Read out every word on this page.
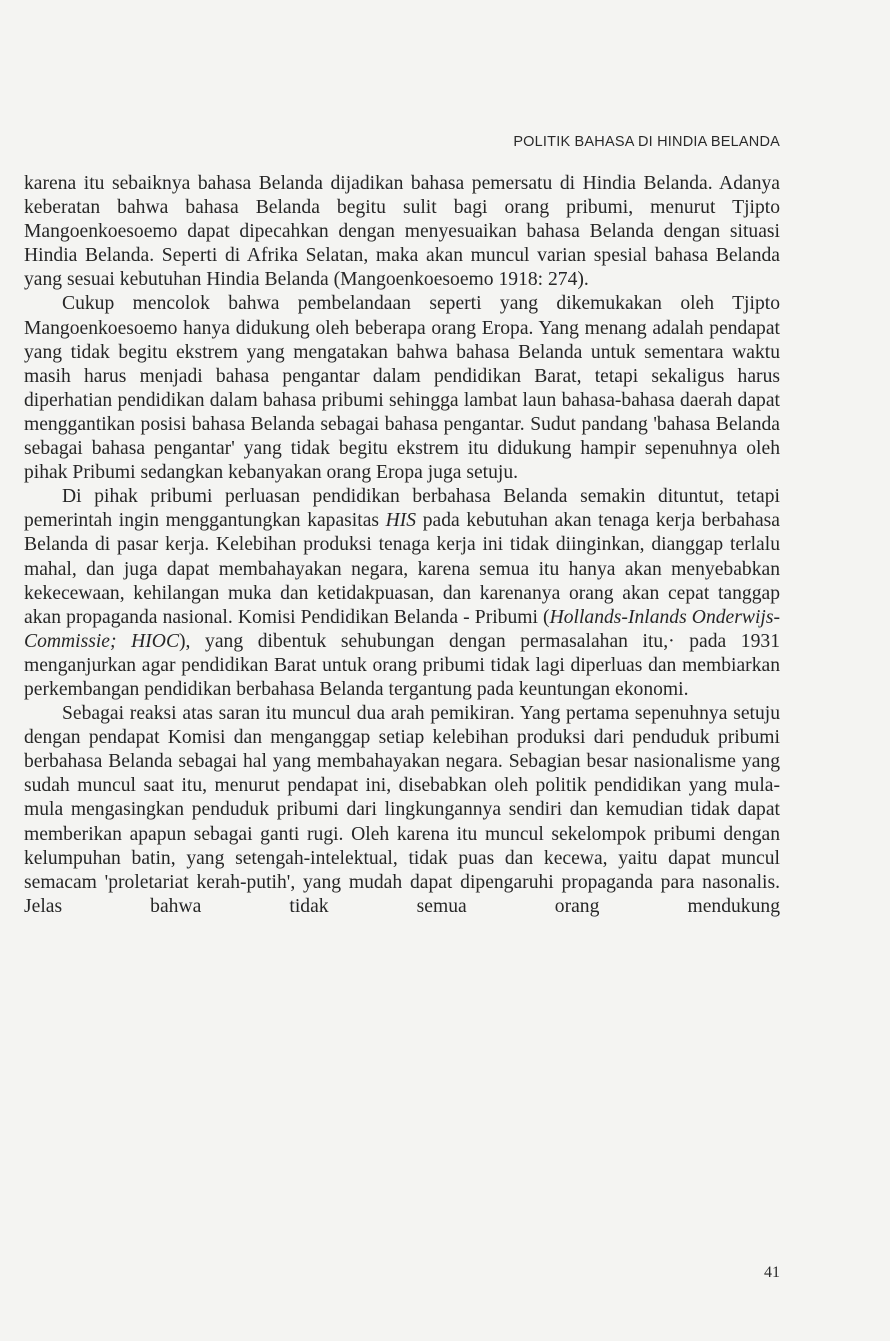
POLITIK BAHASA DI HINDIA BELANDA

karena itu sebaiknya bahasa Belanda dijadikan bahasa pemersatu di Hindia Belanda. Adanya keberatan bahwa bahasa Belanda begitu sulit bagi orang pribumi, menurut Tjipto Mangoenkoesoemo dapat dipecahkan dengan menyesuaikan bahasa Belanda dengan situasi Hindia Belanda. Seperti di Afrika Selatan, maka akan muncul varian spesial bahasa Belanda yang sesuai kebutuhan Hindia Belanda (Mangoenkoesoemo 1918: 274).

Cukup mencolok bahwa pembelandaan seperti yang dikemukakan oleh Tjipto Mangoenkoesoemo hanya didukung oleh beberapa orang Eropa. Yang menang adalah pendapat yang tidak begitu ekstrem yang mengatakan bahwa bahasa Belanda untuk sementara waktu masih harus menjadi bahasa pengantar dalam pendidikan Barat, tetapi sekaligus harus diperhatian pendidikan dalam bahasa pribumi sehingga lambat laun bahasa-bahasa daerah dapat menggantikan posisi bahasa Belanda sebagai bahasa pengantar. Sudut pandang 'bahasa Belanda sebagai bahasa pengantar' yang tidak begitu ekstrem itu didukung hampir sepenuhnya oleh pihak Pribumi sedangkan kebanyakan orang Eropa juga setuju.

Di pihak pribumi perluasan pendidikan berbahasa Belanda semakin dituntut, tetapi pemerintah ingin menggantungkan kapasitas HIS pada kebutuhan akan tenaga kerja berbahasa Belanda di pasar kerja. Kelebihan produksi tenaga kerja ini tidak diinginkan, dianggap terlalu mahal, dan juga dapat membahayakan negara, karena semua itu hanya akan menyebabkan kekecewaan, kehilangan muka dan ketidakpuasan, dan karenanya orang akan cepat tanggap akan propaganda nasional. Komisi Pendidikan Belanda - Pribumi (Hollands-Inlands Onderwijs-Commissie; HIOC), yang dibentuk sehubungan dengan permasalahan itu,· pada 1931 menganjurkan agar pendidikan Barat untuk orang pribumi tidak lagi diperluas dan membiarkan perkembangan pendidikan berbahasa Belanda tergantung pada keuntungan ekonomi.

Sebagai reaksi atas saran itu muncul dua arah pemikiran. Yang pertama sepenuhnya setuju dengan pendapat Komisi dan menganggap setiap kelebihan produksi dari penduduk pribumi berbahasa Belanda sebagai hal yang membahayakan negara. Sebagian besar nasionalisme yang sudah muncul saat itu, menurut pendapat ini, disebabkan oleh politik pendidikan yang mula-mula mengasingkan penduduk pribumi dari lingkungannya sendiri dan kemudian tidak dapat memberikan apapun sebagai ganti rugi. Oleh karena itu muncul sekelompok pribumi dengan kelumpuhan batin, yang setengah-intelektual, tidak puas dan kecewa, yaitu dapat muncul semacam 'proletariat kerah-putih', yang mudah dapat dipengaruhi propaganda para nasonalis. Jelas bahwa tidak semua orang mendukung

41
